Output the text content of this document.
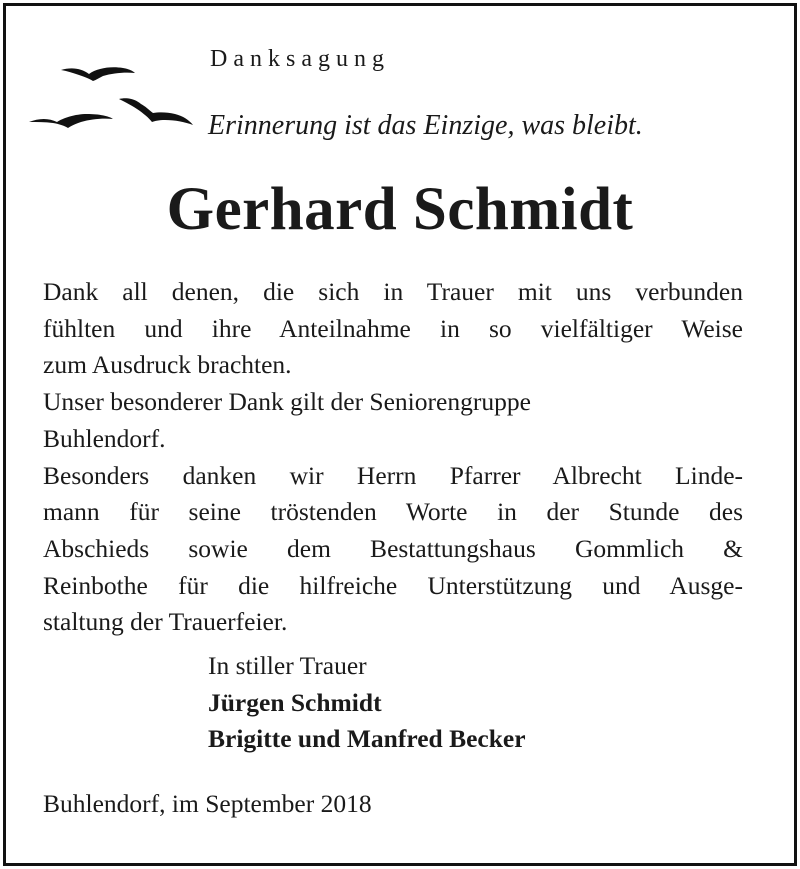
Danksagung
Erinnerung ist das Einzige, was bleibt.
Gerhard Schmidt
Dank all denen, die sich in Trauer mit uns verbunden
fühlten und ihre Anteilnahme in so vielfältiger Weise
zum Ausdruck brachten.
Unser besonderer Dank gilt der Seniorengruppe
Buhlendorf.
Besonders danken wir Herrn Pfarrer Albrecht Linde-
mann für seine tröstenden Worte in der Stunde des
Abschieds sowie dem Bestattungshaus Gommlich &
Reinbothe für die hilfreiche Unterstützung und Ausge-
staltung der Trauerfeier.
In stiller Trauer
Jürgen Schmidt
Brigitte und Manfred Becker
Buhlendorf, im September 2018
